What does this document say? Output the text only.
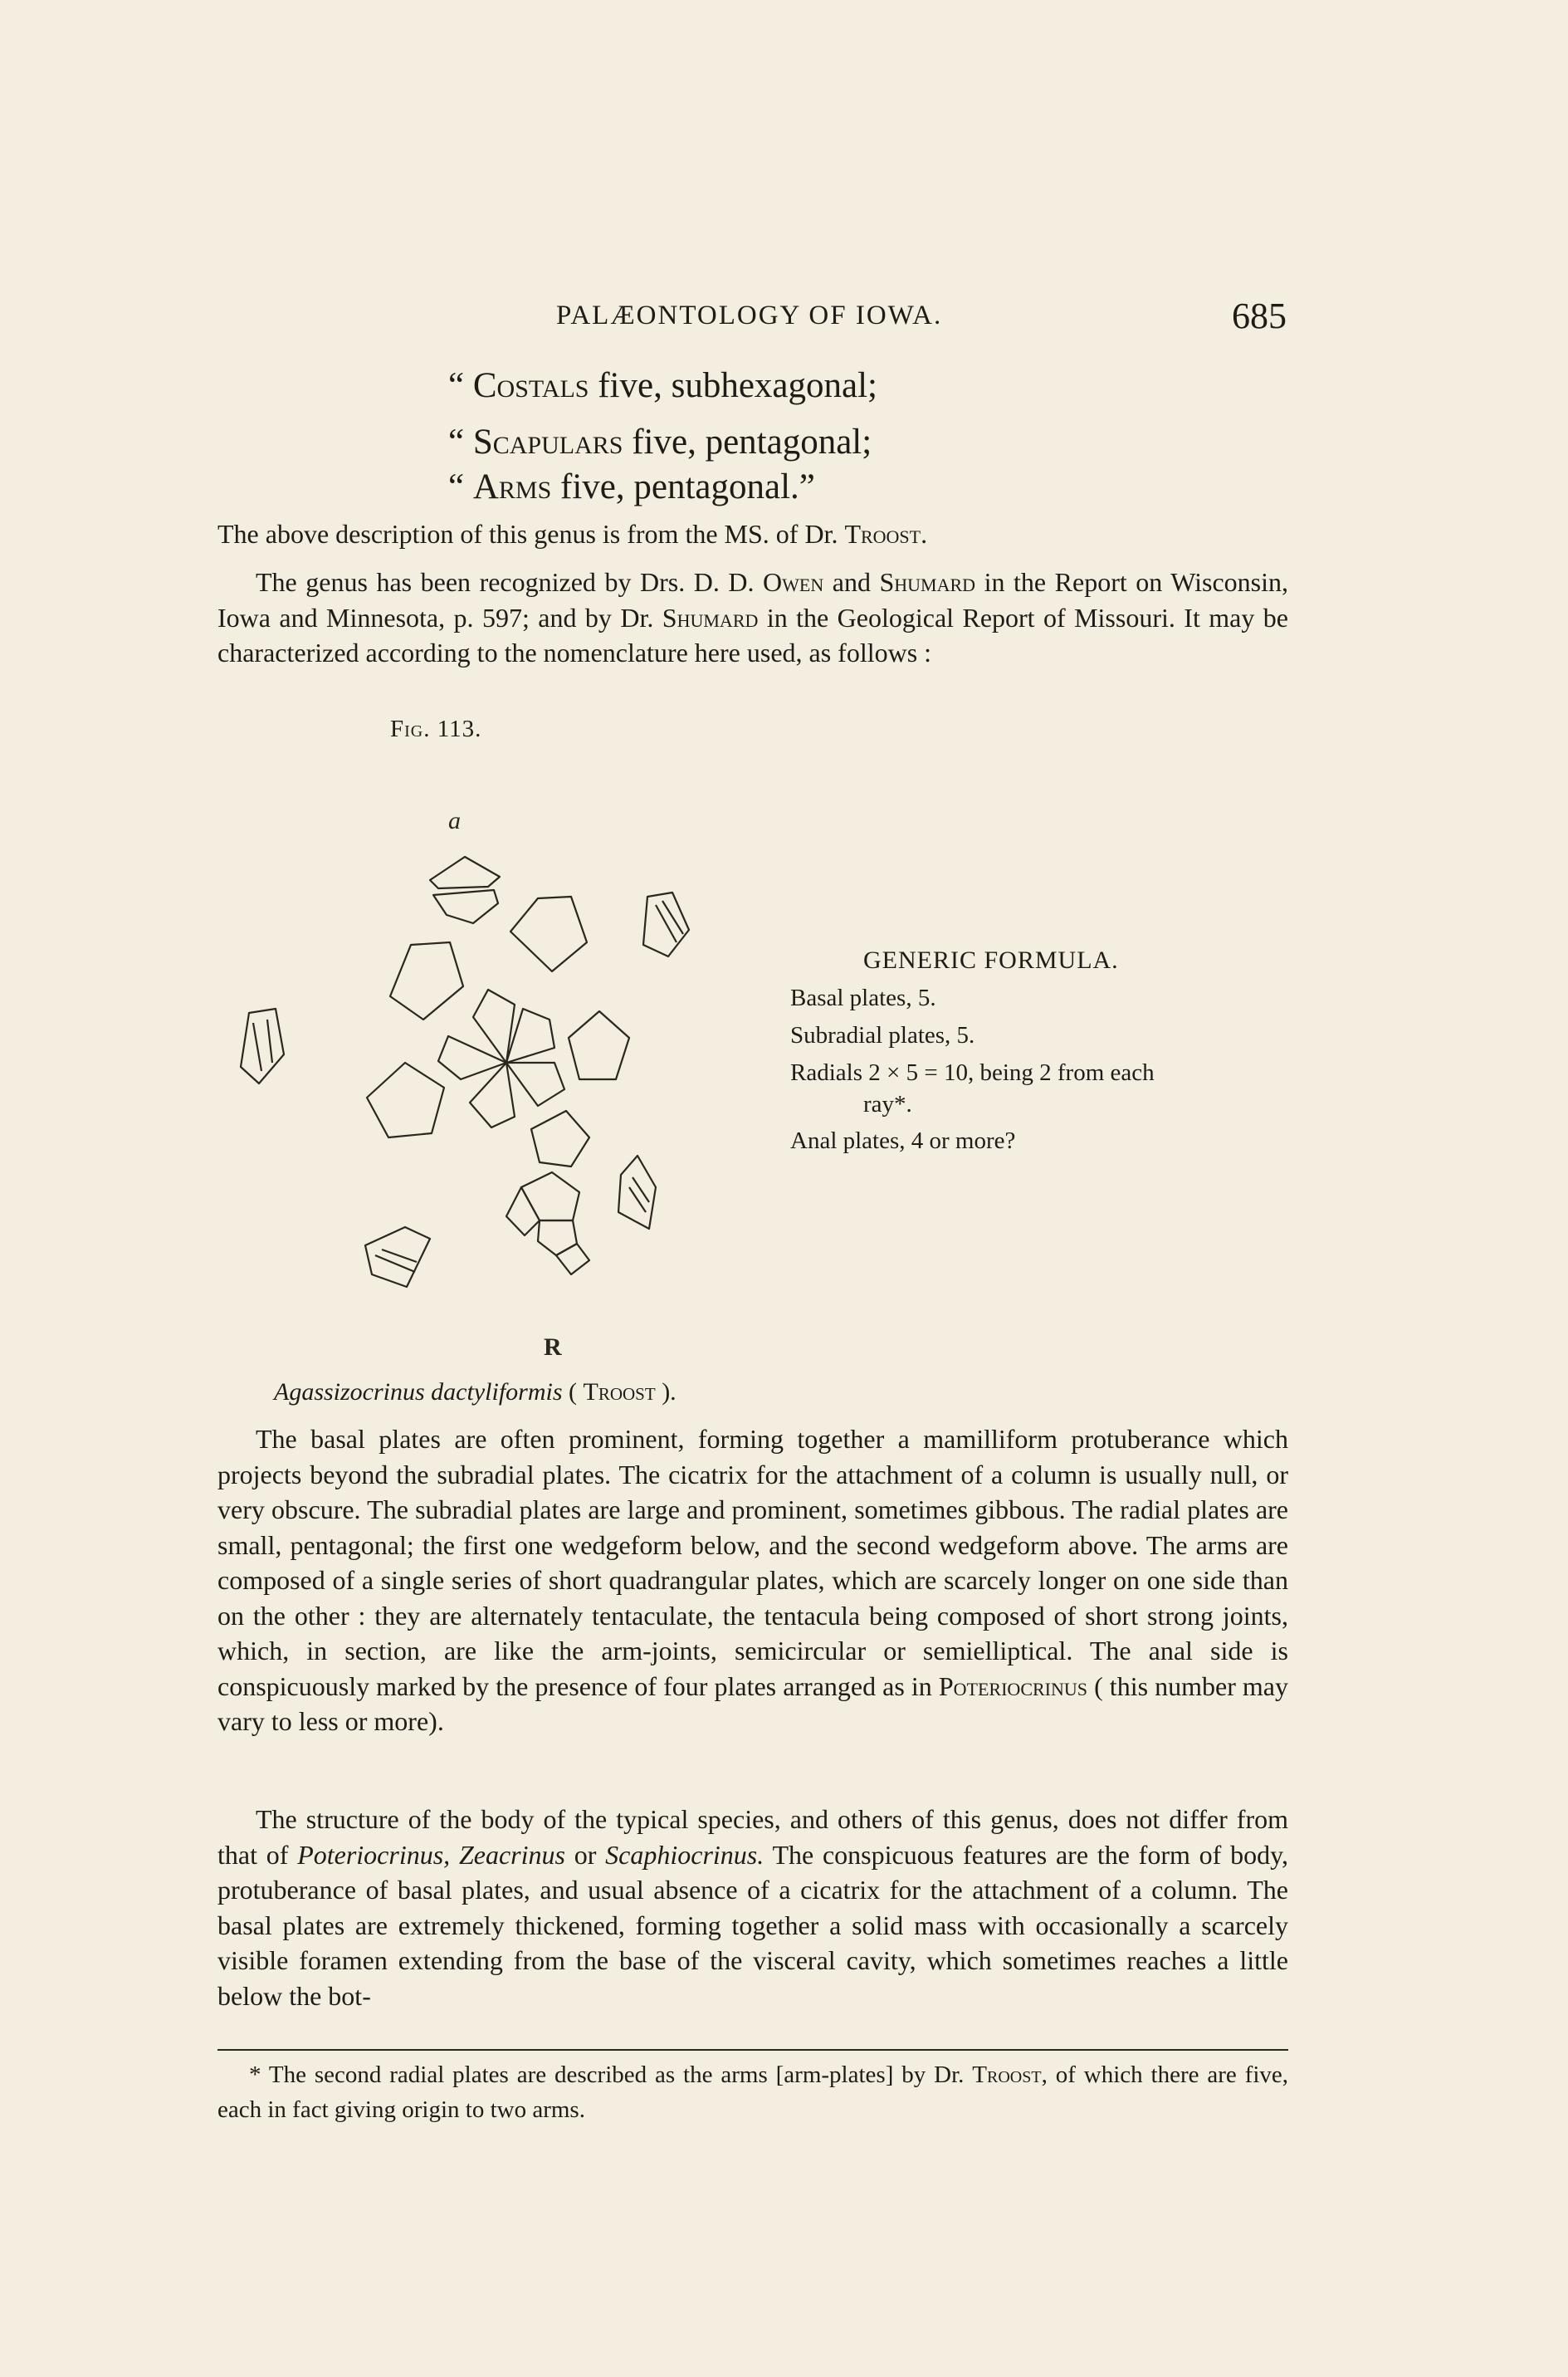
PALÆONTOLOGY OF IOWA.	685
“ Costals five, subhexagonal;
“ Scapulars five, pentagonal;
“ Arms five, pentagonal.”
The above description of this genus is from the MS. of Dr. Troost.
The genus has been recognized by Drs. D. D. Owen and Shumard in the Report on Wisconsin, Iowa and Minnesota, p. 597; and by Dr. Shumard in the Geological Report of Missouri. It may be characterized according to the nomenclature here used, as follows :
Fig. 113.
a
R
GENERIC FORMULA.
Basal plates, 5.
Subradial plates, 5.
Radials 2 × 5 = 10, being 2 from each
ray*.
Anal plates, 4 or more?
Agassizocrinus dactyliformis ( Troost ).
The basal plates are often prominent, forming together a mamilliform protuberance which projects beyond the subradial plates. The cicatrix for the attachment of a column is usually null, or very obscure. The subradial plates are large and prominent, sometimes gibbous. The radial plates are small, pentagonal; the first one wedgeform below, and the second wedgeform above. The arms are composed of a single series of short quadrangular plates, which are scarcely longer on one side than on the other : they are alternately tentaculate, the tentacula being composed of short strong joints, which, in section, are like the arm-joints, semicircular or semielliptical. The anal side is conspicuously marked by the presence of four plates arranged as in Poteriocrinus ( this number may vary to less or more).
The structure of the body of the typical species, and others of this genus, does not differ from that of Poteriocrinus, Zeacrinus or Scaphiocrinus. The conspicuous features are the form of body, protuberance of basal plates, and usual absence of a cicatrix for the attachment of a column. The basal plates are extremely thickened, forming together a solid mass with occasionally a scarcely visible foramen extending from the base of the visceral cavity, which sometimes reaches a little below the bot-
* The second radial plates are described as the arms [arm-plates] by Dr. Troost, of which there are five, each in fact giving origin to two arms.
